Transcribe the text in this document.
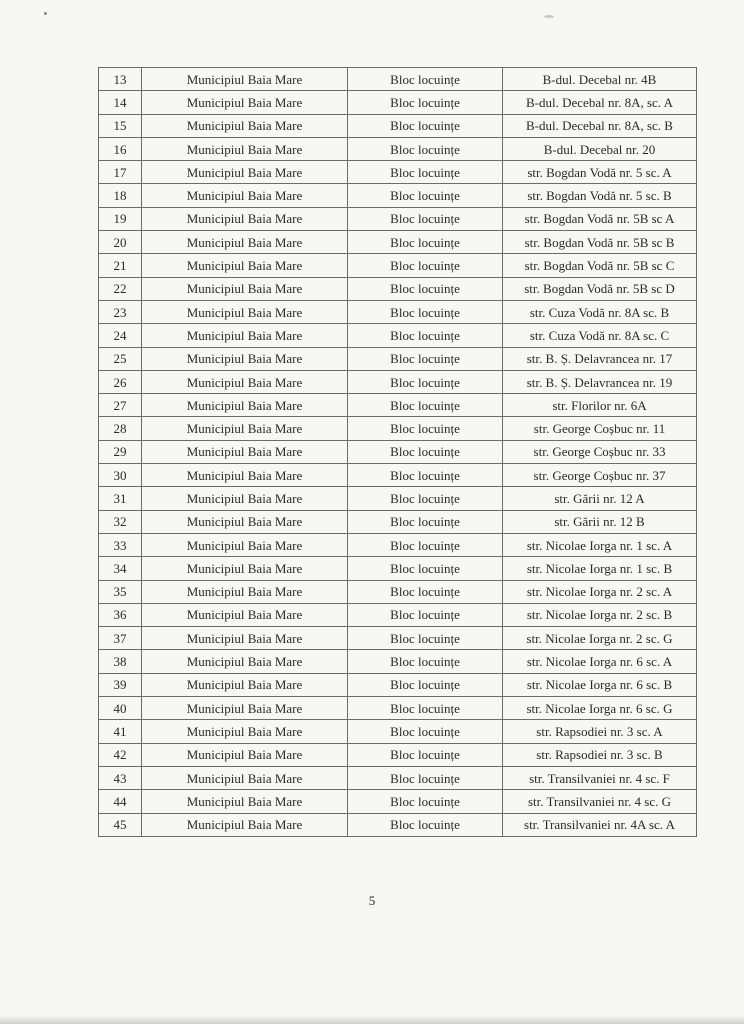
13	Municipiul Baia Mare	Bloc locuințe	B-dul. Decebal nr. 4B
14	Municipiul Baia Mare	Bloc locuințe	B-dul. Decebal nr. 8A, sc. A
15	Municipiul Baia Mare	Bloc locuințe	B-dul. Decebal nr. 8A, sc. B
16	Municipiul Baia Mare	Bloc locuințe	B-dul. Decebal nr. 20
17	Municipiul Baia Mare	Bloc locuințe	str. Bogdan Vodă nr. 5 sc. A
18	Municipiul Baia Mare	Bloc locuințe	str. Bogdan Vodă nr. 5 sc. B
19	Municipiul Baia Mare	Bloc locuințe	str. Bogdan Vodă nr. 5B sc A
20	Municipiul Baia Mare	Bloc locuințe	str. Bogdan Vodă nr. 5B sc B
21	Municipiul Baia Mare	Bloc locuințe	str. Bogdan Vodă nr. 5B sc C
22	Municipiul Baia Mare	Bloc locuințe	str. Bogdan Vodă nr. 5B sc D
23	Municipiul Baia Mare	Bloc locuințe	str. Cuza Vodă nr. 8A sc. B
24	Municipiul Baia Mare	Bloc locuințe	str. Cuza Vodă nr. 8A sc. C
25	Municipiul Baia Mare	Bloc locuințe	str. B. Ș. Delavrancea nr. 17
26	Municipiul Baia Mare	Bloc locuințe	str. B. Ș. Delavrancea nr. 19
27	Municipiul Baia Mare	Bloc locuințe	str. Florilor nr. 6A
28	Municipiul Baia Mare	Bloc locuințe	str. George Coșbuc nr. 11
29	Municipiul Baia Mare	Bloc locuințe	str. George Coșbuc nr. 33
30	Municipiul Baia Mare	Bloc locuințe	str. George Coșbuc nr. 37
31	Municipiul Baia Mare	Bloc locuințe	str. Gării nr. 12 A
32	Municipiul Baia Mare	Bloc locuințe	str. Gării nr. 12 B
33	Municipiul Baia Mare	Bloc locuințe	str. Nicolae Iorga nr. 1 sc. A
34	Municipiul Baia Mare	Bloc locuințe	str. Nicolae Iorga nr. 1 sc. B
35	Municipiul Baia Mare	Bloc locuințe	str. Nicolae Iorga nr. 2 sc. A
36	Municipiul Baia Mare	Bloc locuințe	str. Nicolae Iorga nr. 2 sc. B
37	Municipiul Baia Mare	Bloc locuințe	str. Nicolae Iorga nr. 2 sc. G
38	Municipiul Baia Mare	Bloc locuințe	str. Nicolae Iorga nr. 6 sc. A
39	Municipiul Baia Mare	Bloc locuințe	str. Nicolae Iorga nr. 6 sc. B
40	Municipiul Baia Mare	Bloc locuințe	str. Nicolae Iorga nr. 6 sc. G
41	Municipiul Baia Mare	Bloc locuințe	str. Rapsodiei nr. 3 sc. A
42	Municipiul Baia Mare	Bloc locuințe	str. Rapsodiei nr. 3 sc. B
43	Municipiul Baia Mare	Bloc locuințe	str. Transilvaniei nr. 4 sc. F
44	Municipiul Baia Mare	Bloc locuințe	str. Transilvaniei nr. 4 sc. G
45	Municipiul Baia Mare	Bloc locuințe	str. Transilvaniei nr. 4A sc. A
5
